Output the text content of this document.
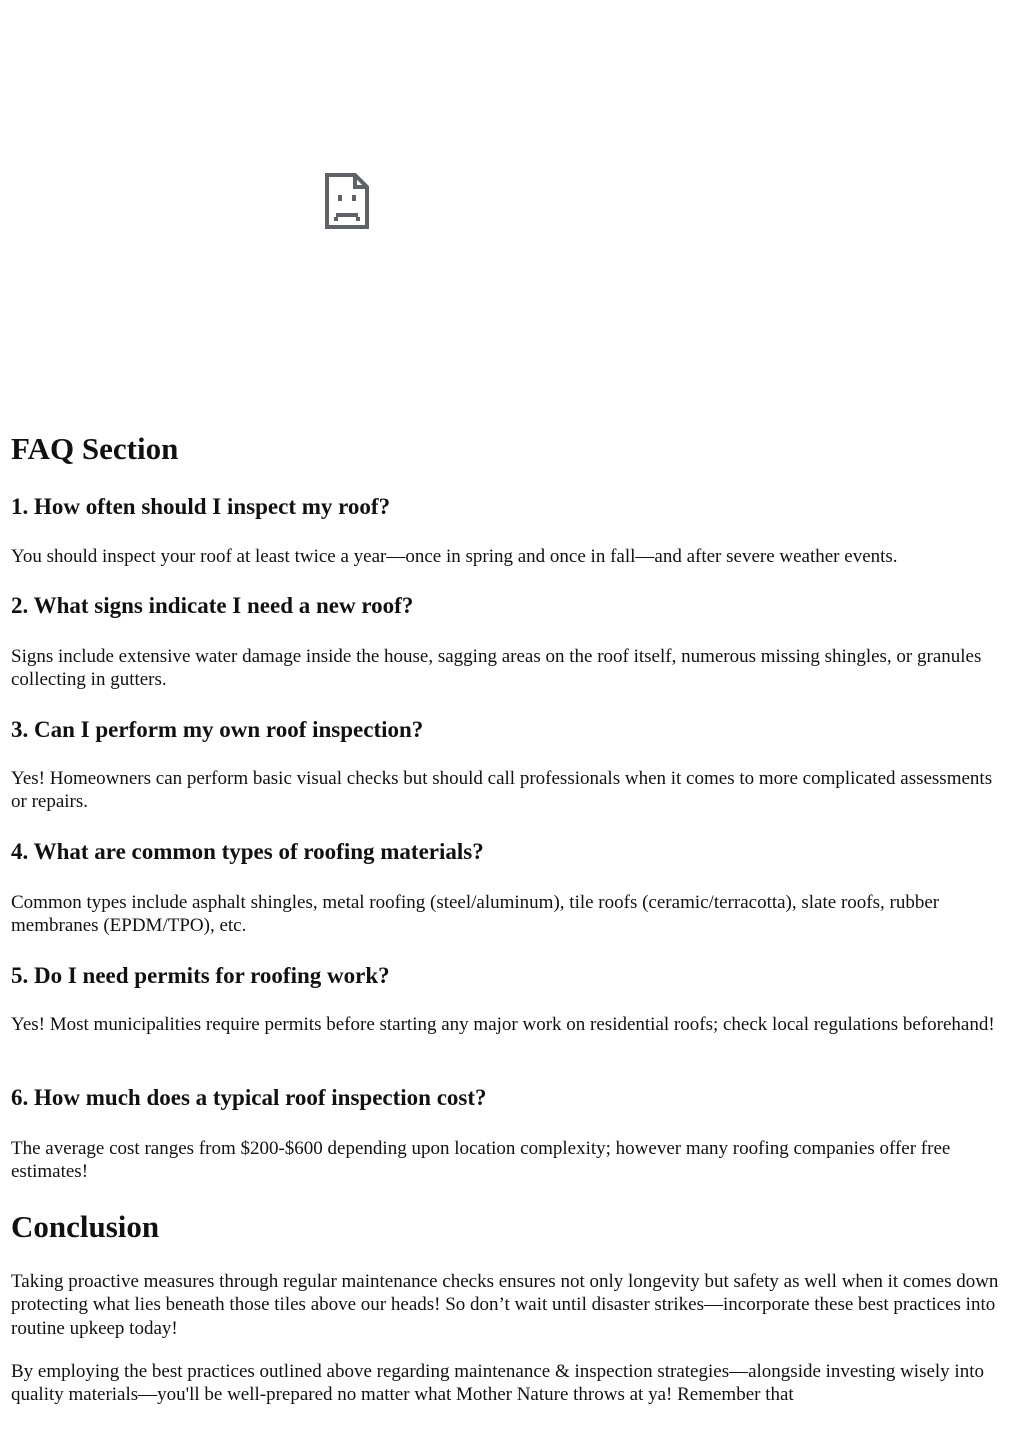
FAQ Section
1. How often should I inspect my roof?

You should inspect your roof at least twice a year—once in spring and once in fall—and after severe weather events.

2. What signs indicate I need a new roof?

Signs include extensive water damage inside the house, sagging areas on the roof itself, numerous missing shingles, or granules collecting in gutters.

3. Can I perform my own roof inspection?

Yes! Homeowners can perform basic visual checks but should call professionals when it comes to more complicated assessments or repairs.

4. What are common types of roofing materials?

Common types include asphalt shingles, metal roofing (steel/aluminum), tile roofs (ceramic/terracotta), slate roofs, rubber membranes (EPDM/TPO), etc.

5. Do I need permits for roofing work?

Yes! Most municipalities require permits before starting any major work on residential roofs; check local regulations beforehand!

6. How much does a typical roof inspection cost?

The average cost ranges from $200-$600 depending upon location complexity; however many roofing companies offer free estimates!

Conclusion

Taking proactive measures through regular maintenance checks ensures not only longevity but safety as well when it comes down protecting what lies beneath those tiles above our heads! So don’t wait until disaster strikes—incorporate these best practices into routine upkeep today!

By employing the best practices outlined above regarding maintenance & inspection strategies—alongside investing wisely into quality materials—you'll be well-prepared no matter what Mother Nature throws at ya! Remember that
